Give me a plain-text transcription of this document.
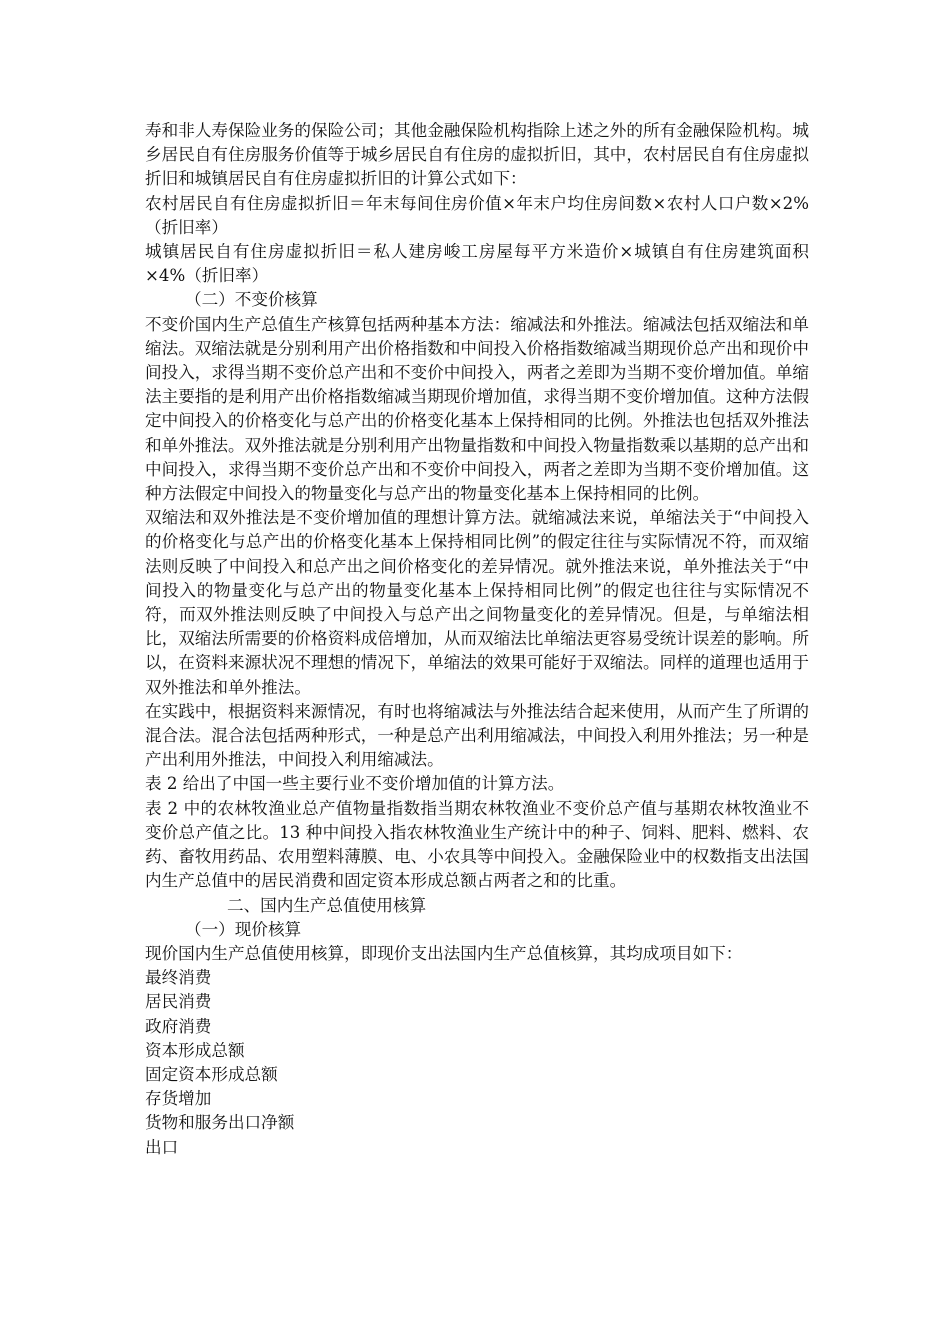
寿和非人寿保险业务的保险公司；其他金融保险机构指除上述之外的所有金融保险机构。城乡居民自有住房服务价值等于城乡居民自有住房的虚拟折旧，其中，农村居民自有住房虚拟折旧和城镇居民自有住房虚拟折旧的计算公式如下：

农村居民自有住房虚拟折旧＝年末每间住房价值×年末户均住房间数×农村人口户数×2%（折旧率）

城镇居民自有住房虚拟折旧＝私人建房峻工房屋每平方米造价×城镇自有住房建筑面积×4%（折旧率）

（二）不变价核算

不变价国内生产总值生产核算包括两种基本方法：缩减法和外推法。缩减法包括双缩法和单缩法。双缩法就是分别利用产出价格指数和中间投入价格指数缩减当期现价总产出和现价中间投入，求得当期不变价总产出和不变价中间投入，两者之差即为当期不变价增加值。单缩法主要指的是利用产出价格指数缩减当期现价增加值，求得当期不变价增加值。这种方法假定中间投入的价格变化与总产出的价格变化基本上保持相同的比例。外推法也包括双外推法和单外推法。双外推法就是分别利用产出物量指数和中间投入物量指数乘以基期的总产出和中间投入，求得当期不变价总产出和不变价中间投入，两者之差即为当期不变价增加值。这种方法假定中间投入的物量变化与总产出的物量变化基本上保持相同的比例。

双缩法和双外推法是不变价增加值的理想计算方法。就缩减法来说，单缩法关于“中间投入的价格变化与总产出的价格变化基本上保持相同比例”的假定往往与实际情况不符，而双缩法则反映了中间投入和总产出之间价格变化的差异情况。就外推法来说，单外推法关于“中间投入的物量变化与总产出的物量变化基本上保持相同比例”的假定也往往与实际情况不符，而双外推法则反映了中间投入与总产出之间物量变化的差异情况。但是，与单缩法相比，双缩法所需要的价格资料成倍增加，从而双缩法比单缩法更容易受统计误差的影响。所以，在资料来源状况不理想的情况下，单缩法的效果可能好于双缩法。同样的道理也适用于双外推法和单外推法。

在实践中，根据资料来源情况，有时也将缩减法与外推法结合起来使用，从而产生了所谓的混合法。混合法包括两种形式，一种是总产出利用缩减法，中间投入利用外推法；另一种是产出利用外推法，中间投入利用缩减法。

表 2 给出了中国一些主要行业不变价增加值的计算方法。

表 2 中的农林牧渔业总产值物量指数指当期农林牧渔业不变价总产值与基期农林牧渔业不变价总产值之比。13 种中间投入指农林牧渔业生产统计中的种子、饲料、肥料、燃料、农药、畜牧用药品、农用塑料薄膜、电、小农具等中间投入。金融保险业中的权数指支出法国内生产总值中的居民消费和固定资本形成总额占两者之和的比重。

二、国内生产总值使用核算

（一）现价核算

现价国内生产总值使用核算，即现价支出法国内生产总值核算，其均成项目如下：

最终消费

居民消费

政府消费

资本形成总额

固定资本形成总额

存货增加

货物和服务出口净额

出口
